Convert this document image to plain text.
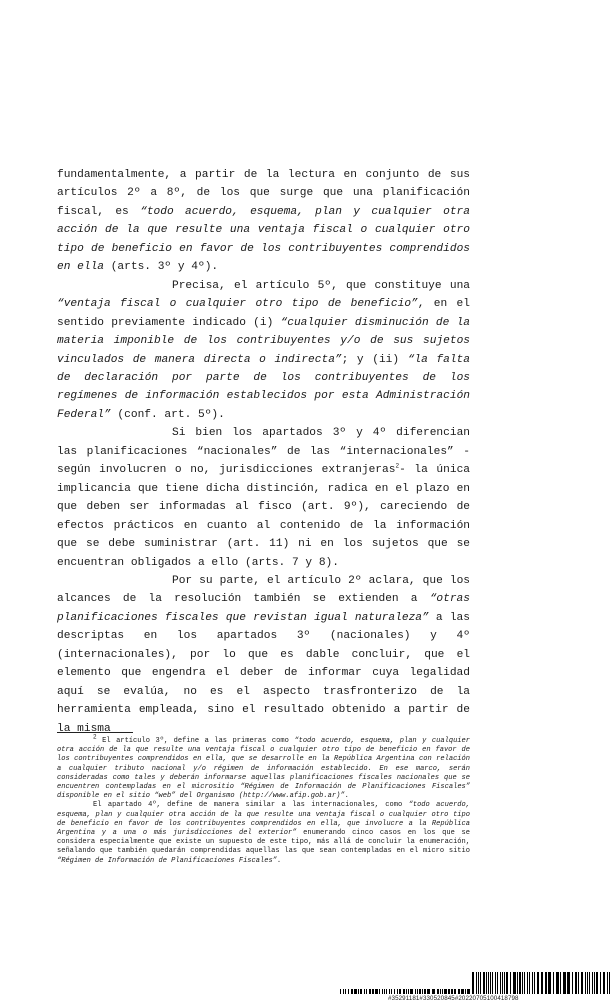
fundamentalmente, a partir de la lectura en conjunto de sus artículos 2º a 8º, de los que surge que una planificación fiscal, es “todo acuerdo, esquema, plan y cualquier otra acción de la que resulte una ventaja fiscal o cualquier otro tipo de beneficio en favor de los contribuyentes comprendidos en ella (arts. 3º y 4º).

Precisa, el artículo 5º, que constituye una “ventaja fiscal o cualquier otro tipo de beneficio”, en el sentido previamente indicado (i) “cualquier disminución de la materia imponible de los contribuyentes y/o de sus sujetos vinculados de manera directa o indirecta”; y (ii) “la falta de declaración por parte de los contribuyentes de los regímenes de información establecidos por esta Administración Federal” (conf. art. 5º).

Si bien los apartados 3º y 4º diferencian las planificaciones “nacionales” de las “internacionales” -según involucren o no, jurisdicciones extranjeras$^2$- la única implicancia que tiene dicha distinción, radica en el plazo en que deben ser informadas al fisco (art. 9º), careciendo de efectos prácticos en cuanto al contenido de la información que se debe suministrar (art. 11) ni en los sujetos que se encuentran obligados a ello (arts. 7 y 8).

Por su parte, el artículo 2º aclara, que los alcances de la resolución también se extienden a “otras planificaciones fiscales que revistan igual naturaleza” a las descriptas en los apartados 3º (nacionales) y 4º (internacionales), por lo que es dable concluir, que el elemento que engendra el deber de informar cuya legalidad aquí se evalúa, no es el aspecto trasfronterizo de la herramienta empleada, sino el resultado obtenido a partir de la misma

2 El artículo 3º, define a las primeras como “todo acuerdo, esquema, plan y cualquier otra acción de la que resulte una ventaja fiscal o cualquier otro tipo de beneficio en favor de los contribuyentes comprendidos en ella, que se desarrolle en la República Argentina con relación a cualquier tributo nacional y/o régimen de información establecido. En ese marco, serán consideradas como tales y deberán informarse aquellas planificaciones fiscales nacionales que se encuentren contempladas en el micrositio “Régimen de Información de Planificaciones Fiscales” disponible en el sitio “web” del Organismo (http://www.afip.gob.ar)”.

El apartado 4º, define de manera similar a las internacionales, como “todo acuerdo, esquema, plan y cualquier otra acción de la que resulte una ventaja fiscal o cualquier otro tipo de beneficio en favor de los contribuyentes comprendidos en ella, que involucre a la República Argentina y a una o más jurisdicciones del exterior” enumerando cinco casos en los que se considera especialmente que existe un supuesto de este tipo, más allá de concluir la enumeración, señalando que también quedarán comprendidas aquellas las que sean contempladas en el micro sitio “Régimen de Información de Planificaciones Fiscales”.

#35291181#330520845#20220705100418798
